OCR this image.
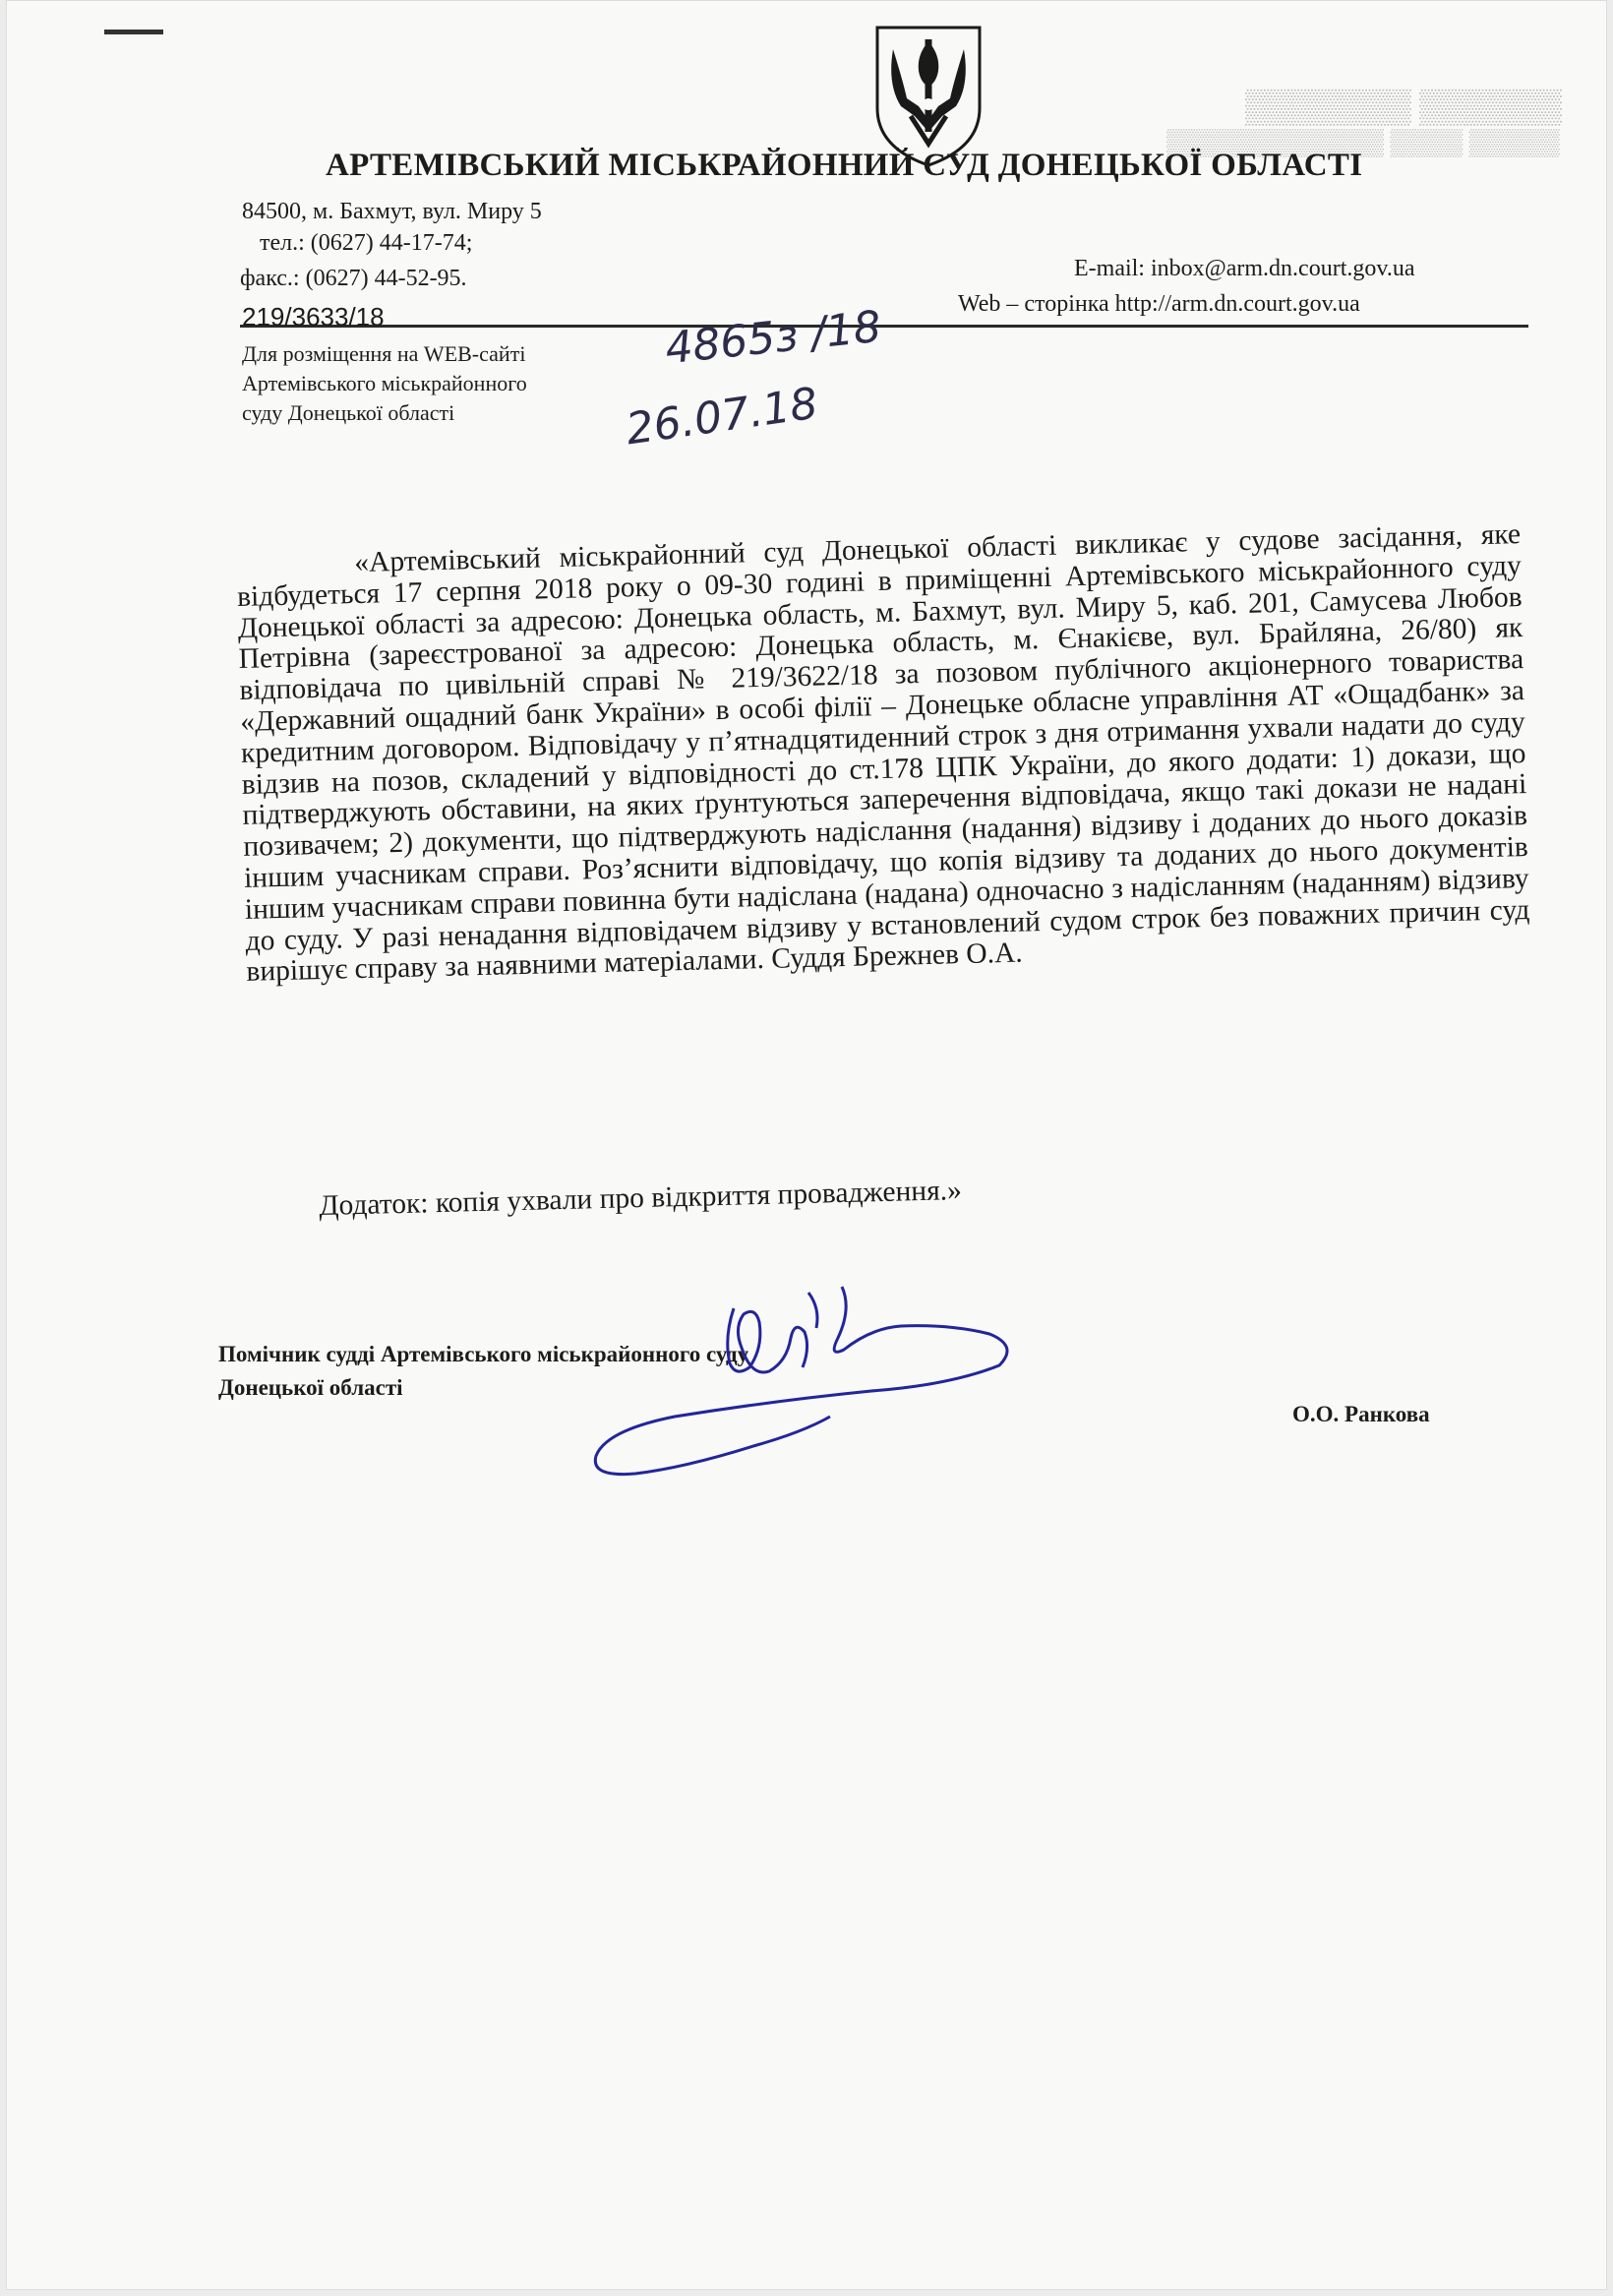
▒▒▒▒▒▒▒ ▒▒▒▒▒▒
▒▒▒▒▒▒▒▒▒▒▒▒ ▒▒▒▒ ▒▒▒▒▒
АРТЕМІВСЬКИЙ МІСЬКРАЙОННИЙ СУД ДОНЕЦЬКОЇ ОБЛАСТІ
84500, м. Бахмут, вул. Миру 5
тел.: (0627) 44-17-74;
факс.: (0627) 44-52-95.	E-mail: inbox@arm.dn.court.gov.ua
Web – сторінка http://arm.dn.court.gov.ua
219/3633/18
Для розміщення на WEB-сайті
Артемівського міськрайонного
суду Донецької області
4865з /18
26.07.18

«Артемівський міськрайонний суд Донецької області викликає у судове засідання, яке відбудеться 17 серпня 2018 року о 09-30 годині в приміщенні Артемівського міськрайонного суду Донецької області за адресою: Донецька область, м. Бахмут, вул. Миру 5, каб. 201, Самусева Любов Петрівна (зареєстрованої за адресою: Донецька область, м. Єнакієве, вул. Брайляна, 26/80) як відповідача по цивільній справі № 219/3622/18 за позовом публічного акціонерного товариства «Державний ощадний банк України» в особі філії – Донецьке обласне управління АТ «Ощадбанк» за кредитним договором. Відповідачу у п’ятнадцятиденний строк з дня отримання ухвали надати до суду відзив на позов, складений у відповідності до ст.178 ЦПК України, до якого додати: 1) докази, що підтверджують обставини, на яких ґрунтуються заперечення відповідача, якщо такі докази не надані позивачем; 2) документи, що підтверджують надіслання (надання) відзиву і доданих до нього доказів іншим учасникам справи. Роз’яснити відповідачу, що копія відзиву та доданих до нього документів іншим учасникам справи повинна бути надіслана (надана) одночасно з надісланням (наданням) відзиву до суду. У разі ненадання відповідачем відзиву у встановлений судом строк без поважних причин суд вирішує справу за наявними матеріалами. Суддя Брежнев О.А.

Додаток: копія ухвали про відкриття провадження.»
Помічник судді Артемівського міськрайонного суду
Донецької області
О.О. Ранкова
